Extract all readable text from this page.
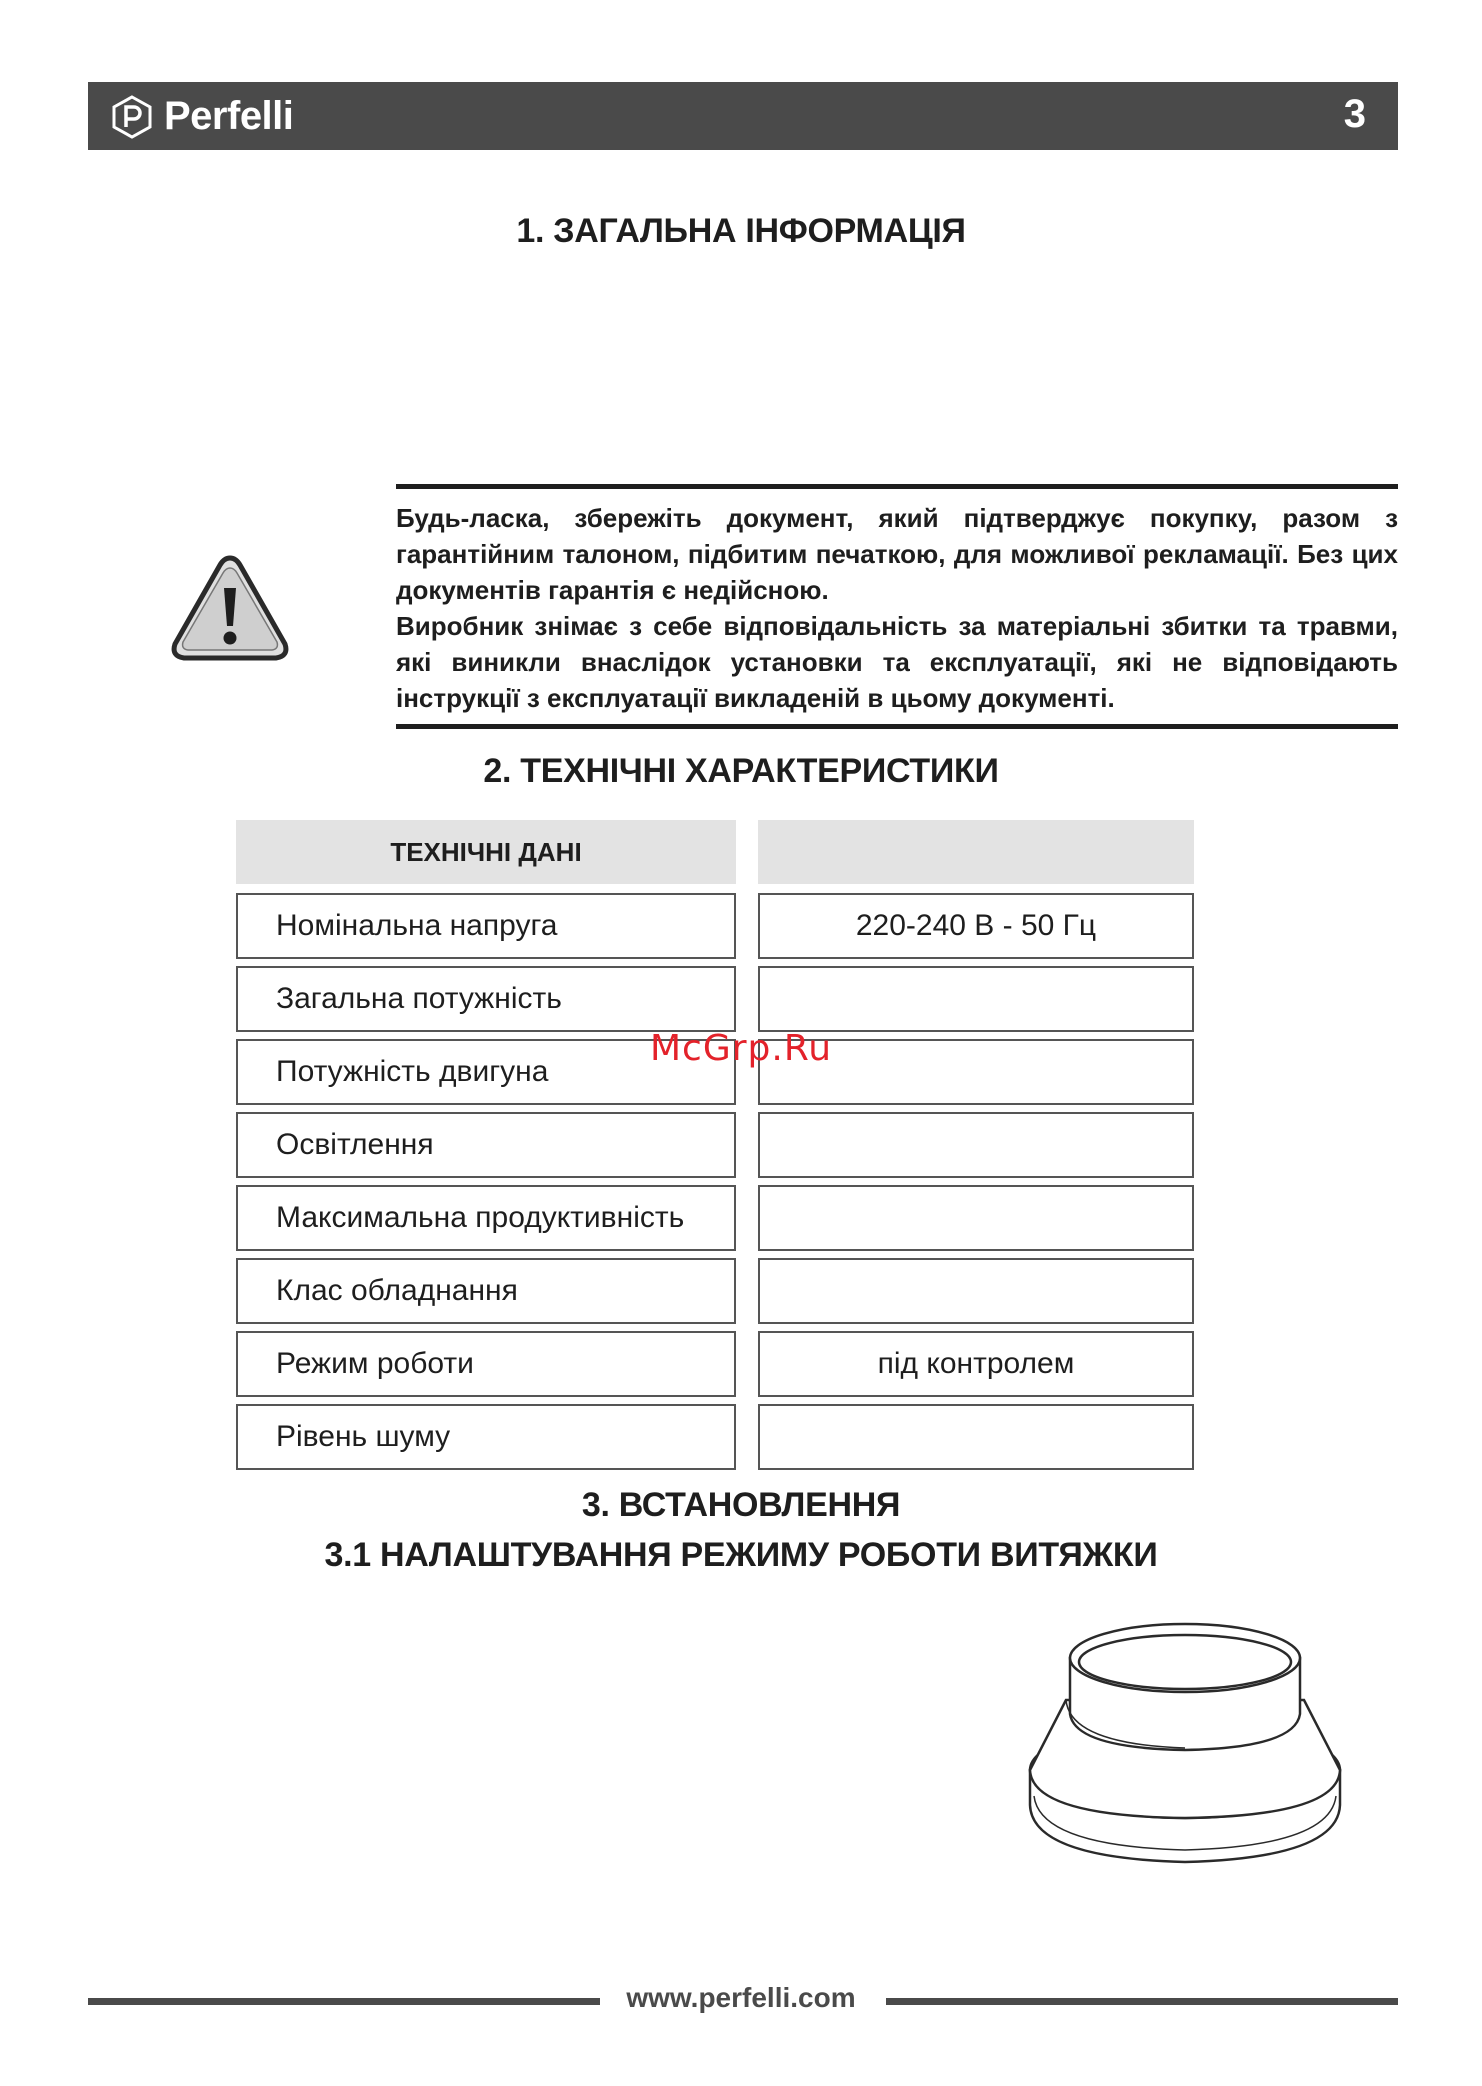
Perfelli	3
1. ЗАГАЛЬНА ІНФОРМАЦІЯ

Будь-ласка, збережіть документ, який підтверджує покупку, разом з гарантійним талоном, підбитим печаткою, для можливої рекламації. Без цих документів гарантія є недійсною.

Виробник знімає з себе відповідальність за матеріальні збитки та травми, які виникли внаслідок установки та експлуатації, які не відповідають інструкції з експлуатації викладеній в цьому документі.

2. ТЕХНІЧНІ ХАРАКТЕРИСТИКИ
ТЕХНІЧНІ ДАНІ
Номінальна напруга	220-240 В - 50 Гц
Загальна потужність
Потужність двигуна
Освітлення
Максимальна продуктивність
Клас обладнання
Режим роботи	під контролем
Рівень шуму
McGrp.Ru
3. ВСТАНОВЛЕННЯ
3.1 НАЛАШТУВАННЯ РЕЖИМУ РОБОТИ ВИТЯЖКИ
www.perfelli.com
